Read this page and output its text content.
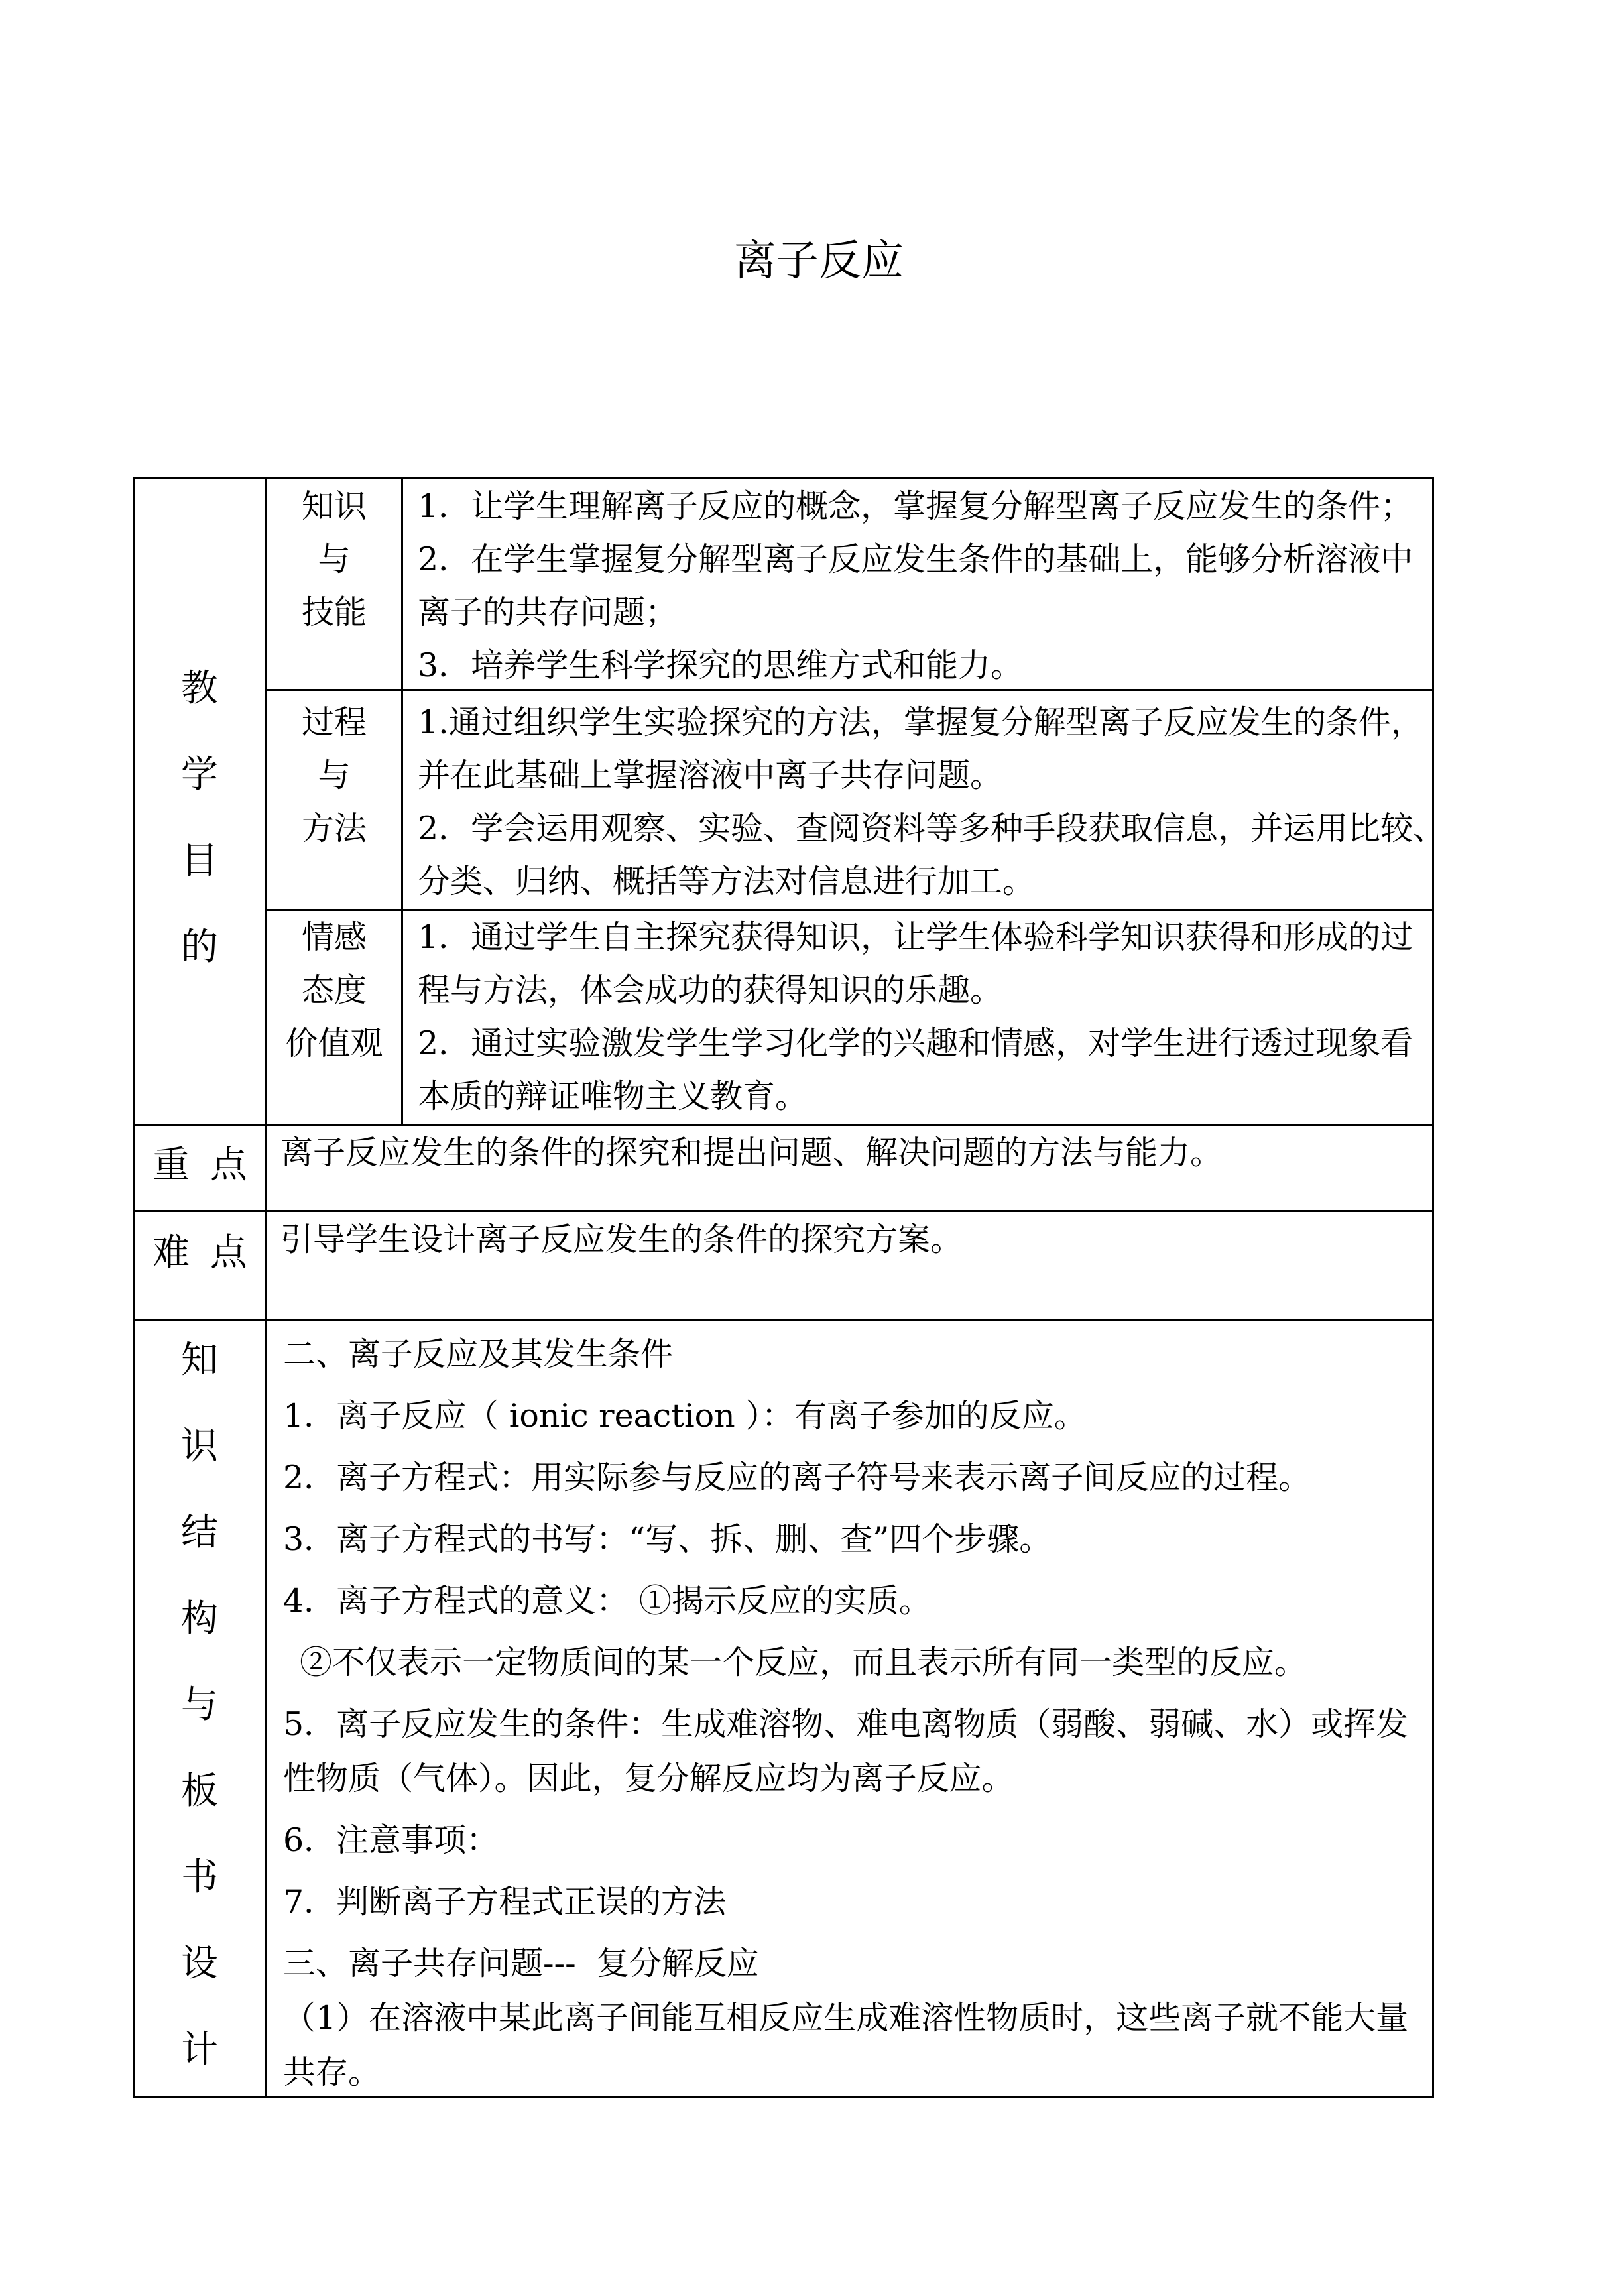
离子反应
教学目的
知识
与
技能
1．让学生理解离子反应的概念，掌握复分解型离子反应发生的条件；
2．在学生掌握复分解型离子反应发生条件的基础上，能够分析溶液中
离子的共存问题；
3．培养学生科学探究的思维方式和能力。
过程
与
方法
1.通过组织学生实验探究的方法，掌握复分解型离子反应发生的条件，
并在此基础上掌握溶液中离子共存问题。
2．学会运用观察、实验、查阅资料等多种手段获取信息，并运用比较、
分类、归纳、概括等方法对信息进行加工。
情感
态度
价值观
1．通过学生自主探究获得知识，让学生体验科学知识获得和形成的过
程与方法，体会成功的获得知识的乐趣。
2．通过实验激发学生学习化学的兴趣和情感，对学生进行透过现象看
本质的辩证唯物主义教育。
重 点	离子反应发生的条件的探究和提出问题、解决问题的方法与能力。
难 点	引导学生设计离子反应发生的条件的探究方案。
知识结构与板书设计
二、离子反应及其发生条件
1．离子反应（ ionic reaction ）：有离子参加的反应。
2．离子方程式：用实际参与反应的离子符号来表示离子间反应的过程。
3．离子方程式的书写：“写、拆、删、查”四个步骤。
4．离子方程式的意义： ①揭示反应的实质。
②不仅表示一定物质间的某一个反应，而且表示所有同一类型的反应。
5．离子反应发生的条件：生成难溶物、难电离物质（弱酸、弱碱、水）或挥发
性物质（气体）。因此，复分解反应均为离子反应。
6．注意事项：
7．判断离子方程式正误的方法
三、离子共存问题---  复分解反应
（1）在溶液中某此离子间能互相反应生成难溶性物质时，这些离子就不能大量
共存。
